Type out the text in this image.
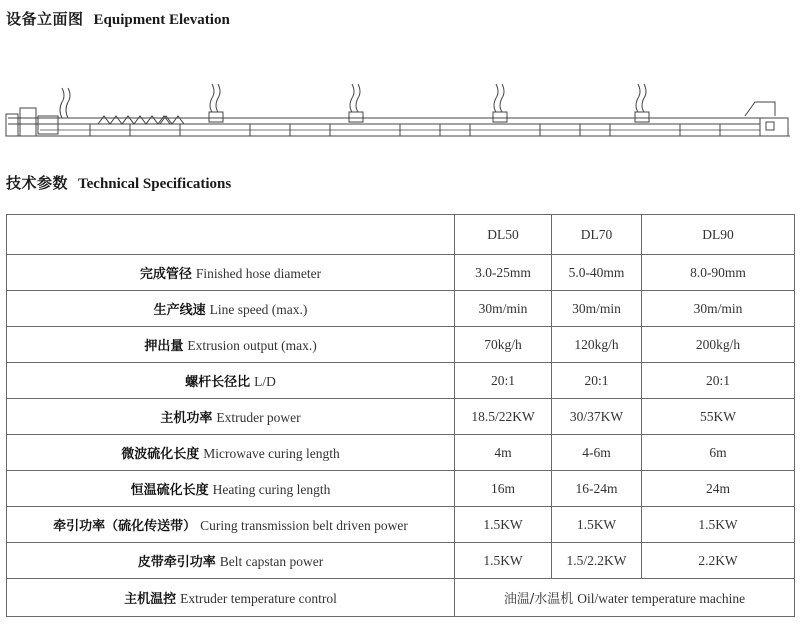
设备立面图 Equipment Elevation
技术参数 Technical Specifications
	DL50	DL70	DL90
完成管径 Finished hose diameter	3.0-25mm	5.0-40mm	8.0-90mm
生产线速 Line speed (max.)	30m/min	30m/min	30m/min
押出量 Extrusion output (max.)	70kg/h	120kg/h	200kg/h
螺杆长径比 L/D	20:1	20:1	20:1
主机功率 Extruder power	18.5/22KW	30/37KW	55KW
微波硫化长度 Microwave curing length	4m	4-6m	6m
恒温硫化长度 Heating curing length	16m	16-24m	24m
牵引功率（硫化传送带） Curing transmission belt driven power	1.5KW	1.5KW	1.5KW
皮带牵引功率 Belt capstan power	1.5KW	1.5/2.2KW	2.2KW
主机温控 Extruder temperature control	油温/水温机 Oil/water temperature machine		
